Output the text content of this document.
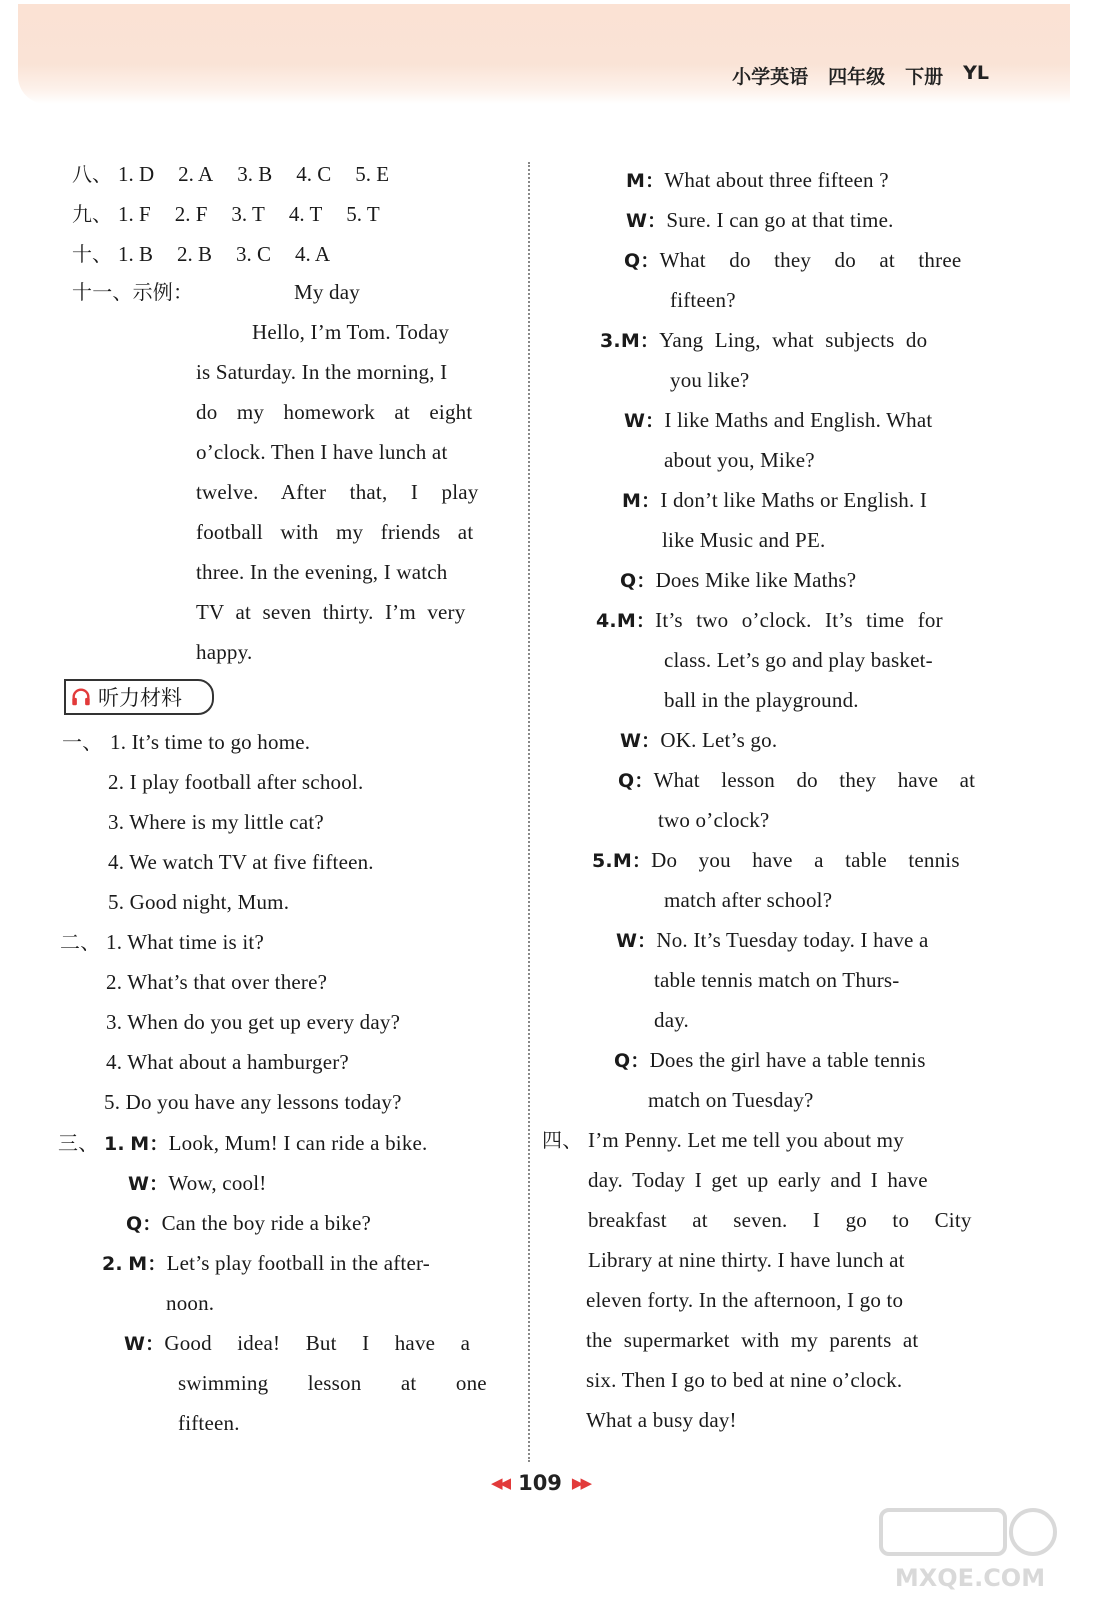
小学英语 四年级 下册 YL
八、 1. D 2. A 3. B 4. C 5. E
九、 1. F 2. F 3. T 4. T 5. T
十、 1. B 2. B 3. C 4. A
十一、示例：	My day
Hello, I’m Tom. Today
is Saturday. In the morning, I
do my homework at eight
o’clock. Then I have lunch at
twelve. After that, I play
football with my friends at
three. In the evening, I watch
TV at seven thirty. I’m very
happy.
听力材料
一、 1. It’s time to go home.
2. I play football after school.
3. Where is my little cat?
4. We watch TV at five fifteen.
5. Good night, Mum.
二、 1. What time is it?
2. What’s that over there?
3. When do you get up every day?
4. What about a hamburger?
5. Do you have any lessons today?
三、 1. M：Look, Mum! I can ride a bike.
W：Wow, cool!
Q：Can the boy ride a bike?
2. M：Let’s play football in the after-
noon.
W：Good idea! But I have a
swimming lesson at one
fifteen.
M：What about three fifteen ?
W：Sure. I can go at that time.
Q：What do they do at three
fifteen?
3.M：Yang Ling, what subjects do
you like?
W：I like Maths and English. What
about you, Mike?
M：I don’t like Maths or English. I
like Music and PE.
Q：Does Mike like Maths?
4.M：It’s two o’clock. It’s time for
class. Let’s go and play basket-
ball in the playground.
W：OK. Let’s go.
Q：What lesson do they have at
two o’clock?
5.M：Do you have a table tennis
match after school?
W：No. It’s Tuesday today. I have a
table tennis match on Thurs-
day.
Q：Does the girl have a table tennis
match on Tuesday?
四、 I’m Penny. Let me tell you about my
day. Today I get up early and I have
breakfast at seven. I go to City
Library at nine thirty. I have lunch at
eleven forty. In the afternoon, I go to
the supermarket with my parents at
six. Then I go to bed at nine o’clock.
What a busy day!
◀◀ 109 ▶▶
MXQE.COM
